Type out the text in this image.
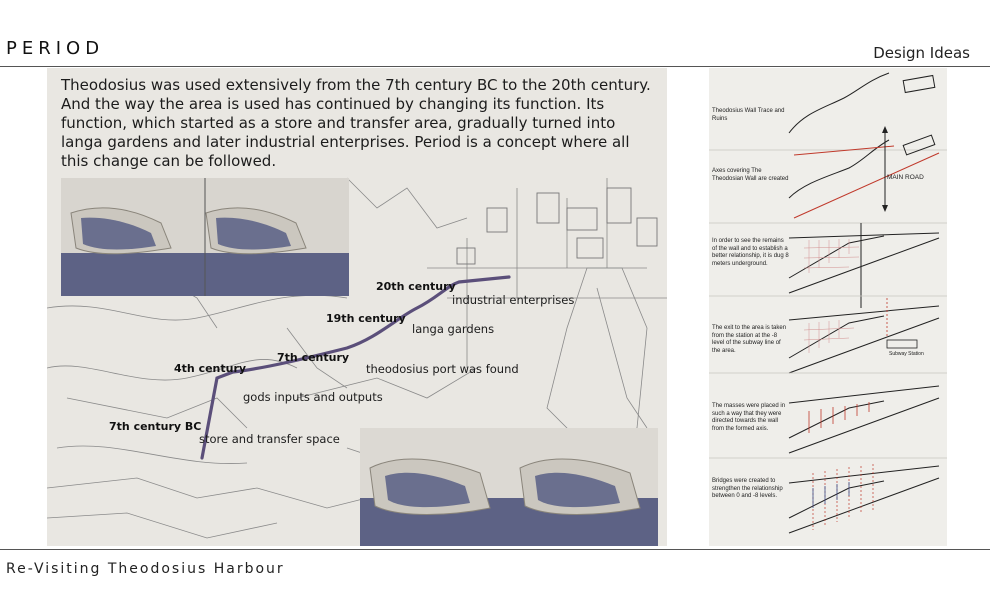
PERIOD	Design Ideas
Theodosius was used extensively from the 7th century BC to the 20th century. And the way the area is used has continued by changing its function. Its function, which started as a store and transfer area, gradually turned into langa gardens and later industrial enterprises. Period is a concept where all this change can be followed.
7th century BC
store and transfer space
4th century
gods inputs and outputs
7th century
theodosius port was found
19th century
langa gardens
20th century
industrial enterprises
Theodosius Wall Trace and Ruins
Axes covering The Theodosian Wall are created	MAIN ROAD
In order to see the remains of the wall and to establish a better relationship, it is dug 8 meters underground.
The exit to the area is taken from the station at the -8 level of the subway line of the area.
Subway Station
The masses were placed in such a way that they were directed towards the wall from the formed axis.
Bridges were created to strengthen the relationship between 0 and -8 levels.
Re-Visiting Theodosius Harbour
